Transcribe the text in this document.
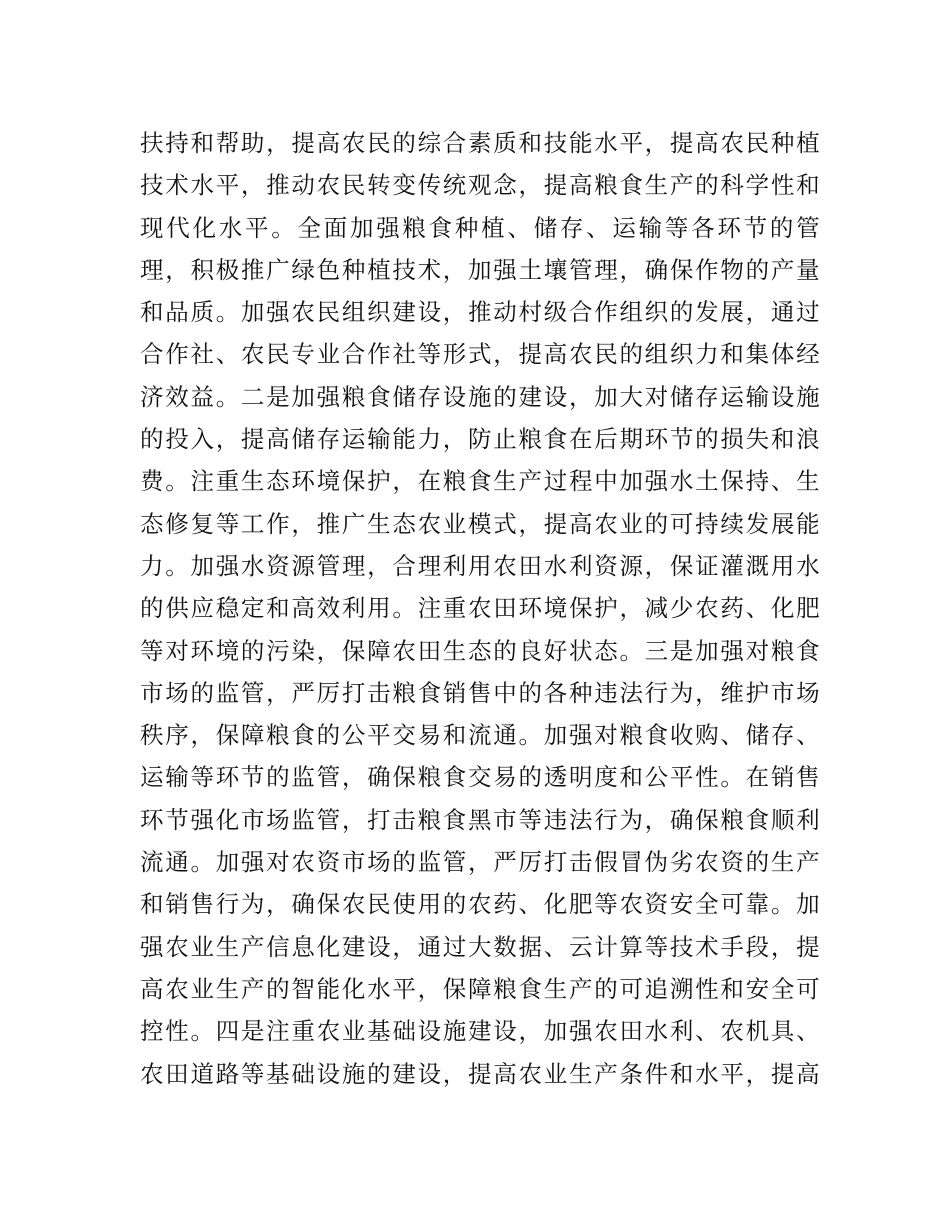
扶持和帮助，提高农民的综合素质和技能水平，提高农民种植
技术水平，推动农民转变传统观念，提高粮食生产的科学性和
现代化水平。全面加强粮食种植、储存、运输等各环节的管
理，积极推广绿色种植技术，加强土壤管理，确保作物的产量
和品质。加强农民组织建设，推动村级合作组织的发展，通过
合作社、农民专业合作社等形式，提高农民的组织力和集体经
济效益。二是加强粮食储存设施的建设，加大对储存运输设施
的投入，提高储存运输能力，防止粮食在后期环节的损失和浪
费。注重生态环境保护，在粮食生产过程中加强水土保持、生
态修复等工作，推广生态农业模式，提高农业的可持续发展能
力。加强水资源管理，合理利用农田水利资源，保证灌溉用水
的供应稳定和高效利用。注重农田环境保护，减少农药、化肥
等对环境的污染，保障农田生态的良好状态。三是加强对粮食
市场的监管，严厉打击粮食销售中的各种违法行为，维护市场
秩序，保障粮食的公平交易和流通。加强对粮食收购、储存、
运输等环节的监管，确保粮食交易的透明度和公平性。在销售
环节强化市场监管，打击粮食黑市等违法行为，确保粮食顺利
流通。加强对农资市场的监管，严厉打击假冒伪劣农资的生产
和销售行为，确保农民使用的农药、化肥等农资安全可靠。加
强农业生产信息化建设，通过大数据、云计算等技术手段，提
高农业生产的智能化水平，保障粮食生产的可追溯性和安全可
控性。四是注重农业基础设施建设，加强农田水利、农机具、
农田道路等基础设施的建设，提高农业生产条件和水平，提高
